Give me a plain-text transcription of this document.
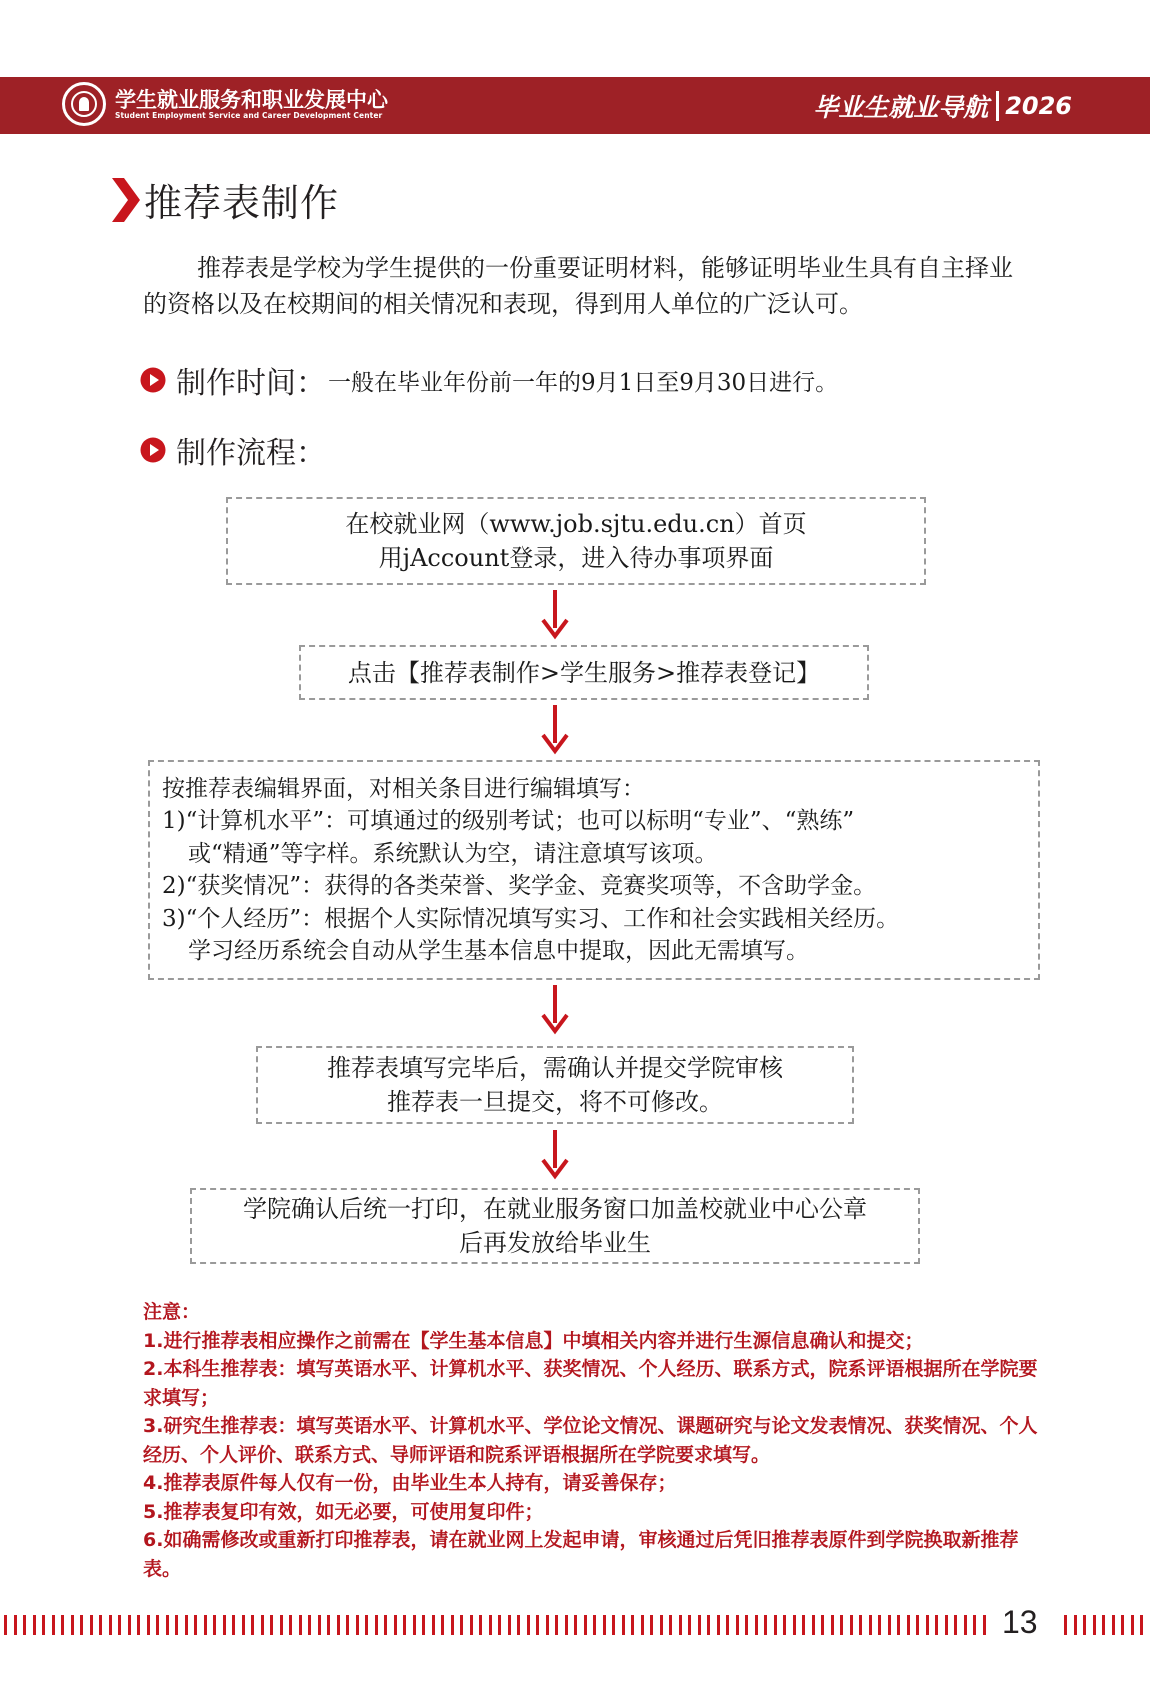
学生就业服务和职业发展中心
Student Employment Service and Career Development Center	毕业生就业导航 2026
推荐表制作
推荐表是学校为学生提供的一份重要证明材料，能够证明毕业生具有自主择业的资格以及在校期间的相关情况和表现，得到用人单位的广泛认可。
制作时间： 一般在毕业年份前一年的9月1日至9月30日进行。
制作流程：
在校就业网（www.job.sjtu.edu.cn）首页
用jAccount登录，进入待办事项界面
点击【推荐表制作>学生服务>推荐表登记】
按推荐表编辑界面，对相关条目进行编辑填写：
1)“计算机水平”：可填通过的级别考试；也可以标明“专业”、“熟练”
或“精通”等字样。系统默认为空，请注意填写该项。
2)“获奖情况”：获得的各类荣誉、奖学金、竞赛奖项等，不含助学金。
3)“个人经历”：根据个人实际情况填写实习、工作和社会实践相关经历。
学习经历系统会自动从学生基本信息中提取，因此无需填写。
推荐表填写完毕后，需确认并提交学院审核
推荐表一旦提交，将不可修改。
学院确认后统一打印，在就业服务窗口加盖校就业中心公章
后再发放给毕业生

注意：

1.进行推荐表相应操作之前需在【学生基本信息】中填相关内容并进行生源信息确认和提交；

2.本科生推荐表：填写英语水平、计算机水平、获奖情况、个人经历、联系方式，院系评语根据所在学院要求填写；

3.研究生推荐表：填写英语水平、计算机水平、学位论文情况、课题研究与论文发表情况、获奖情况、个人经历、个人评价、联系方式、导师评语和院系评语根据所在学院要求填写。

4.推荐表原件每人仅有一份，由毕业生本人持有，请妥善保存；

5.推荐表复印有效，如无必要，可使用复印件；

6.如确需修改或重新打印推荐表，请在就业网上发起申请，审核通过后凭旧推荐表原件到学院换取新推荐表。

13
